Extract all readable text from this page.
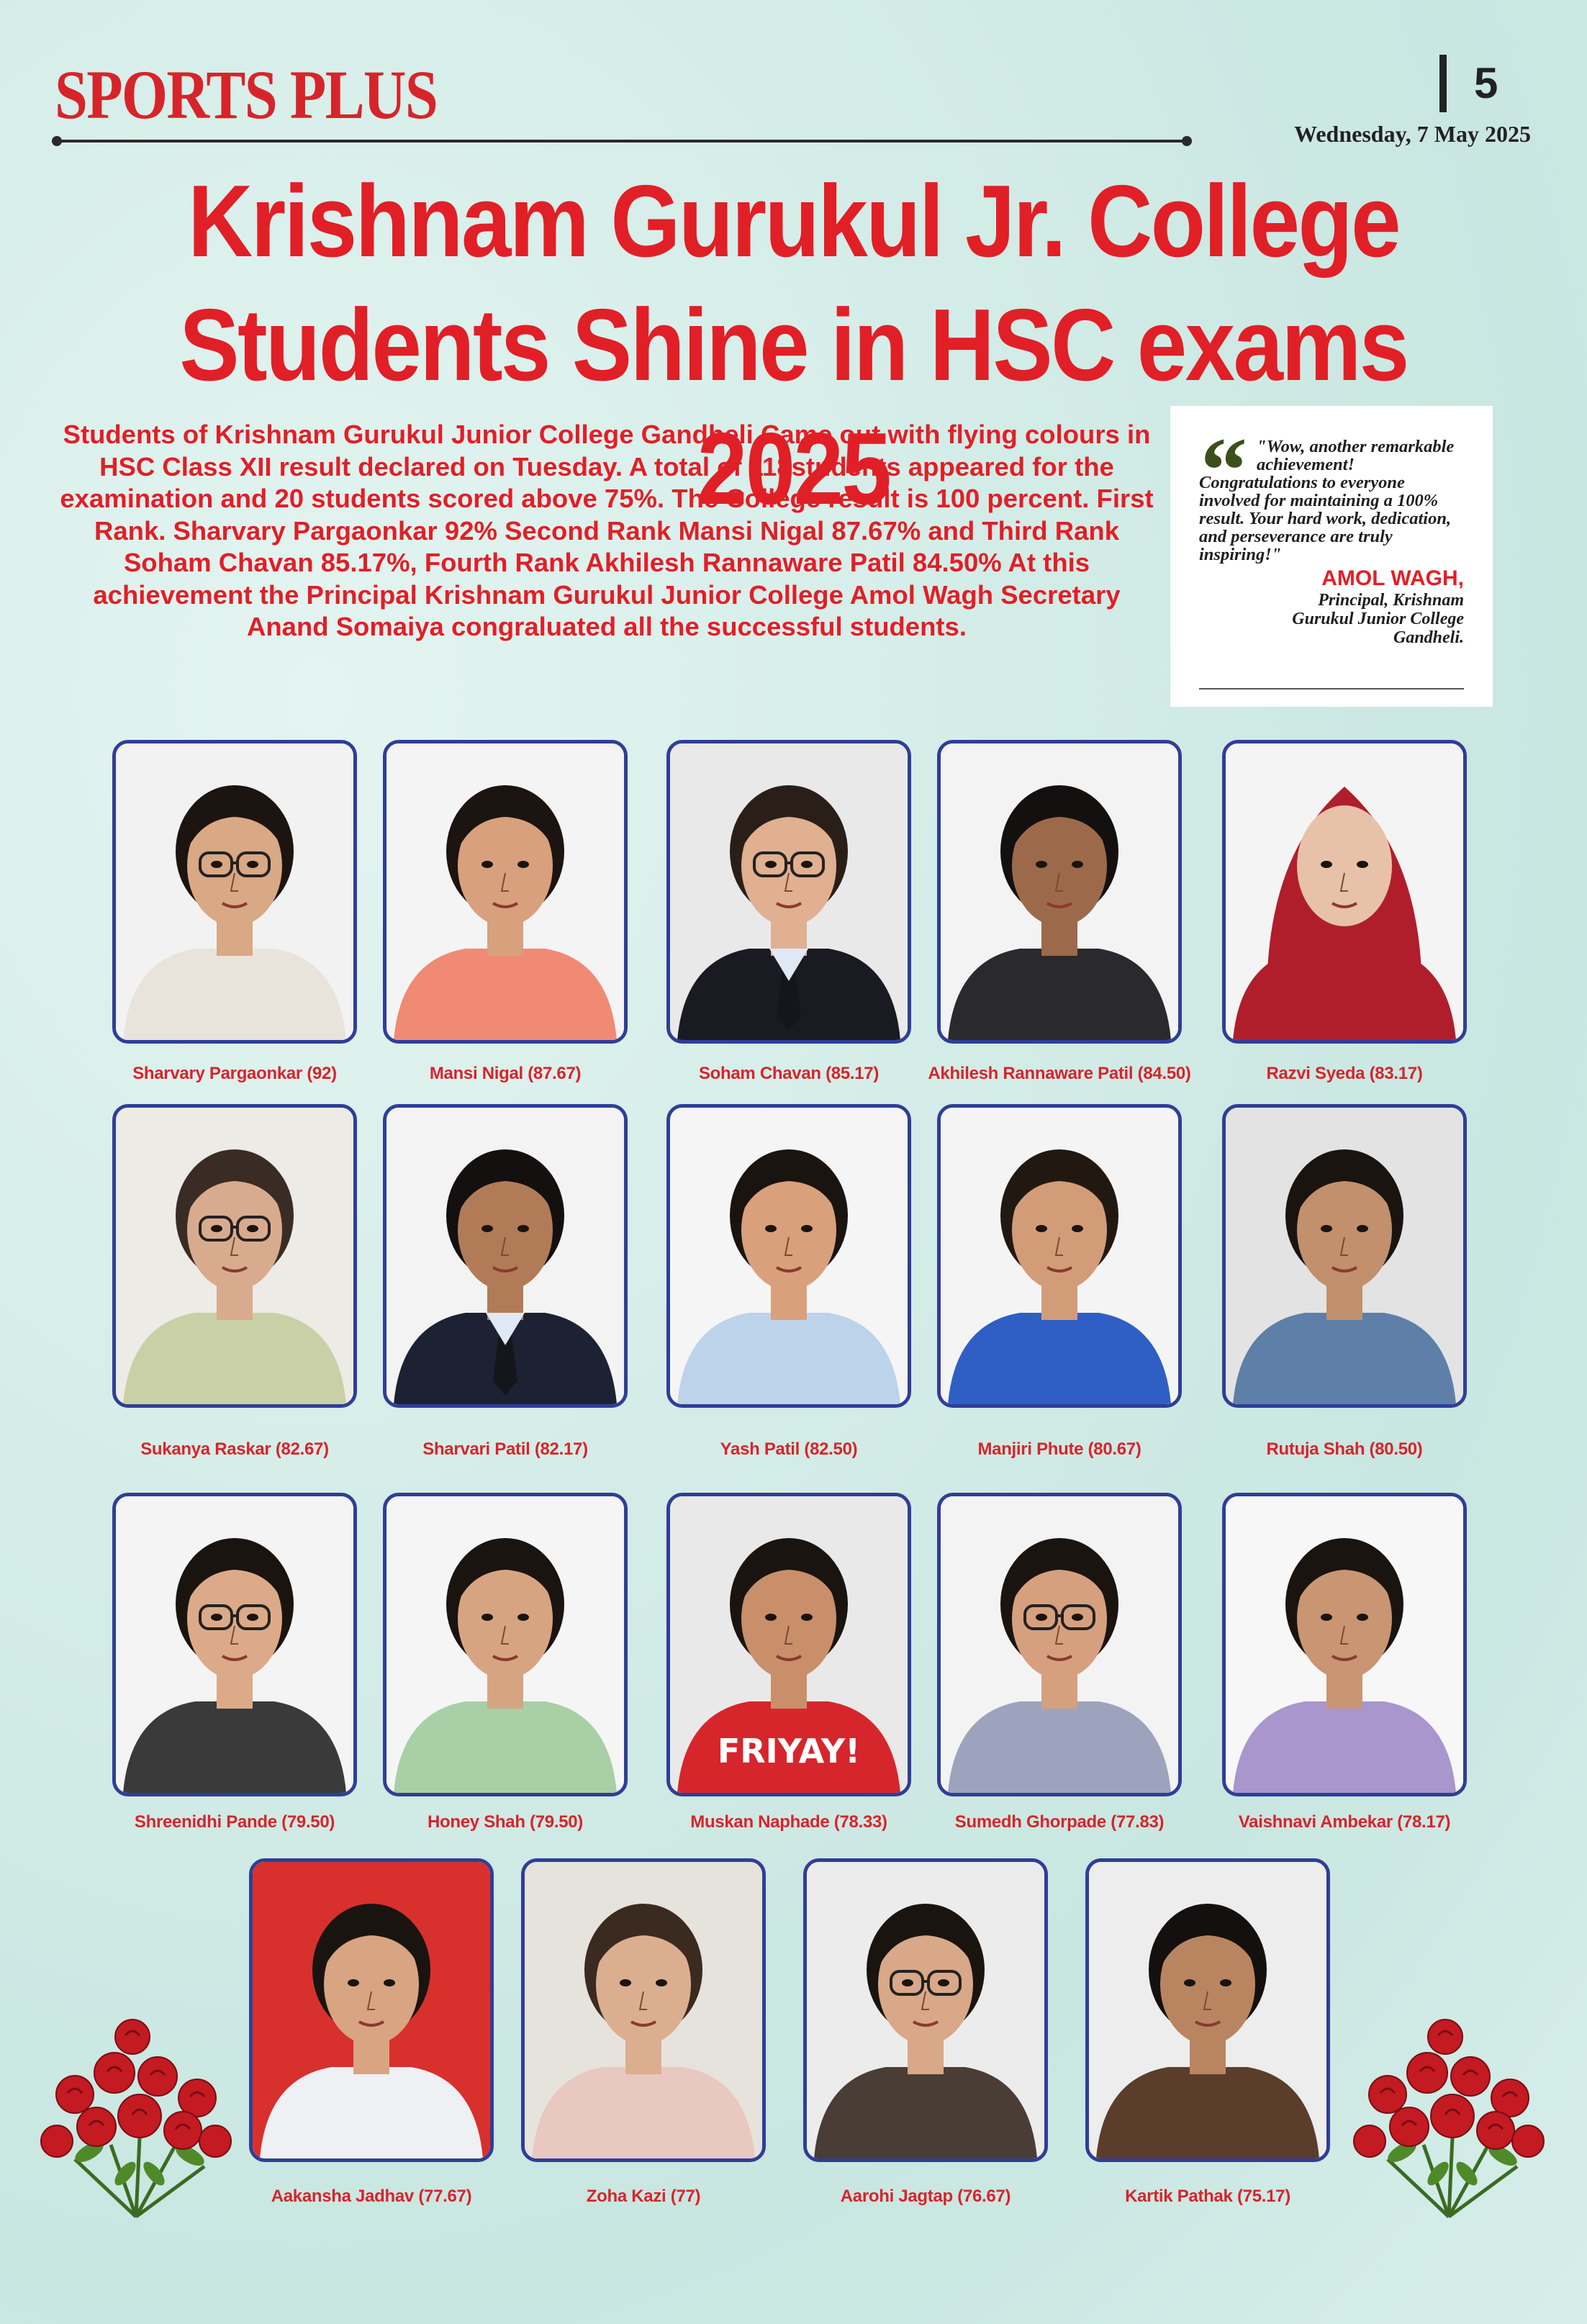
SPORTS PLUS	5
Wednesday, 7 May 2025
Krishnam Gurukul Jr. College
Students Shine in HSC exams 2025
Students of Krishnam Gurukul Junior College Gandheli Came out with flying colours in HSC Class XII result declared on Tuesday. A total of 118students appeared for the examination and 20 students scored above 75%. The College result is 100 percent. First Rank. Sharvary Pargaonkar 92% Second Rank Mansi Nigal 87.67% and Third Rank Soham Chavan 85.17%, Fourth Rank Akhilesh Rannaware Patil 84.50% At this achievement the Principal Krishnam Gurukul Junior College Amol Wagh Secretary Anand Somaiya congraluated all the successful students.
“ "Wow, another remarkable achievement!
Congratulations to everyone involved for maintaining a 100% result. Your hard work, dedication, and perseverance are truly inspiring!"
AMOL WAGH,
Principal, Krishnam
Gurukul Junior College
Gandheli.
Sharvary Pargaonkar (92)	Mansi Nigal (87.67)	Soham Chavan (85.17)	Akhilesh Rannaware Patil (84.50)	Razvi Syeda (83.17)
Sukanya Raskar (82.67)	Sharvari Patil (82.17)	Yash Patil (82.50)	Manjiri Phute (80.67)	Rutuja Shah (80.50)
Shreenidhi Pande (79.50)	Honey Shah (79.50)
FRIYAY!
Muskan Naphade (78.33)	Sumedh Ghorpade (77.83)	Vaishnavi Ambekar (78.17)
Aakansha Jadhav (77.67)	Zoha Kazi (77)	Aarohi Jagtap (76.67)	Kartik Pathak (75.17)
